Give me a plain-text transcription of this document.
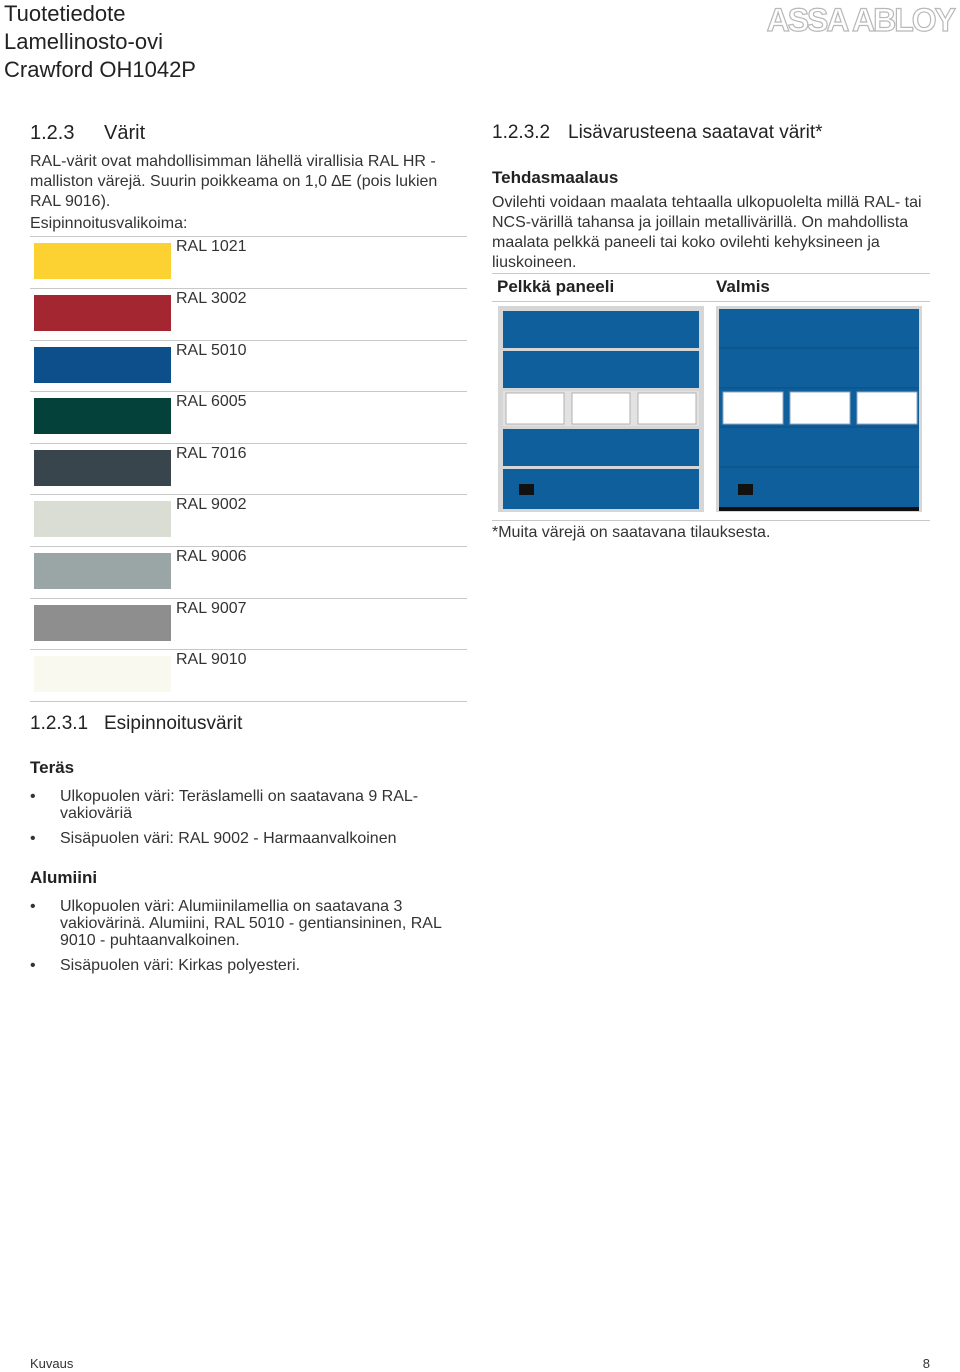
Tuotetiedote
Lamellinosto-ovi
Crawford OH1042P
ASSA ABLOY
1.2.3 Värit
RAL-värit ovat mahdollisimman lähellä virallisia RAL HR -malliston värejä. Suurin poikkeama on 1,0 ∆E (pois lukien RAL 9016).
Esipinnoitusvalikoima:
RAL 1021
RAL 3002
RAL 5010
RAL 6005
RAL 7016
RAL 9002
RAL 9006
RAL 9007
RAL 9010
1.2.3.2 Lisävarusteena saatavat värit*
Tehdasmaalaus
Ovilehti voidaan maalata tehtaalla ulkopuolelta millä RAL- tai NCS-värillä tahansa ja joillain metallivärillä. On mahdollista maalata pelkkä paneeli tai koko ovilehti kehyksineen ja liuskoineen.
Pelkkä paneeli	Valmis
*Muita värejä on saatavana tilauksesta.
1.2.3.1 Esipinnoitusvärit
Teräs
• Ulkopuolen väri: Teräslamelli on saatavana 9 RAL-vakioväriä
• Sisäpuolen väri: RAL 9002 - Harmaanvalkoinen
Alumiini
• Ulkopuolen väri: Alumiinilamellia on saatavana 3 vakiovärinä. Alumiini, RAL 5010 - gentiansininen, RAL 9010 - puhtaanvalkoinen.
• Sisäpuolen väri: Kirkas polyesteri.
Kuvaus	8
